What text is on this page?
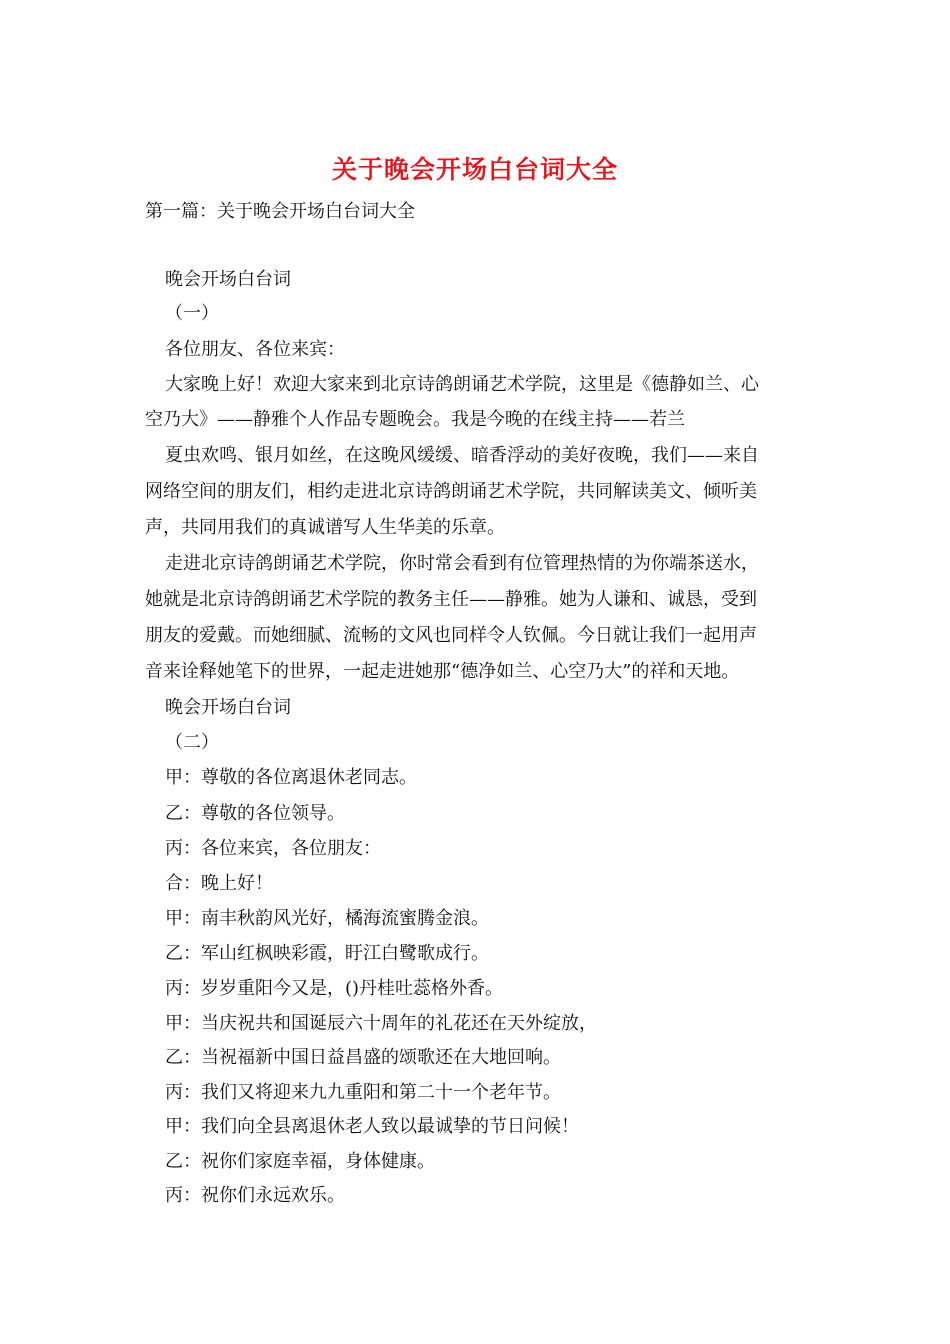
关于晚会开场白台词大全

第一篇：关于晚会开场白台词大全

晚会开场白台词

（一）

各位朋友、各位来宾：

大家晚上好！欢迎大家来到北京诗鸽朗诵艺术学院，这里是《德静如兰、心

空乃大》——静雅个人作品专题晚会。我是今晚的在线主持——若兰

夏虫欢鸣、银月如丝，在这晚风缓缓、暗香浮动的美好夜晚，我们——来自

网络空间的朋友们，相约走进北京诗鸽朗诵艺术学院，共同解读美文、倾听美

声，共同用我们的真诚谱写人生华美的乐章。

走进北京诗鸽朗诵艺术学院，你时常会看到有位管理热情的为你端茶送水，

她就是北京诗鸽朗诵艺术学院的教务主任——静雅。她为人谦和、诚恳，受到

朋友的爱戴。而她细腻、流畅的文风也同样令人钦佩。今日就让我们一起用声

音来诠释她笔下的世界，一起走进她那“德净如兰、心空乃大”的祥和天地。

晚会开场白台词

（二）

甲：尊敬的各位离退休老同志。

乙：尊敬的各位领导。

丙：各位来宾，各位朋友：

合：晚上好！

甲：南丰秋韵风光好，橘海流蜜腾金浪。

乙：军山红枫映彩霞，盱江白鹭歌成行。

丙：岁岁重阳今又是，()丹桂吐蕊格外香。

甲：当庆祝共和国诞辰六十周年的礼花还在天外绽放，

乙：当祝福新中国日益昌盛的颂歌还在大地回响。

丙：我们又将迎来九九重阳和第二十一个老年节。

甲：我们向全县离退休老人致以最诚挚的节日问候！

乙：祝你们家庭幸福，身体健康。

丙：祝你们永远欢乐。
